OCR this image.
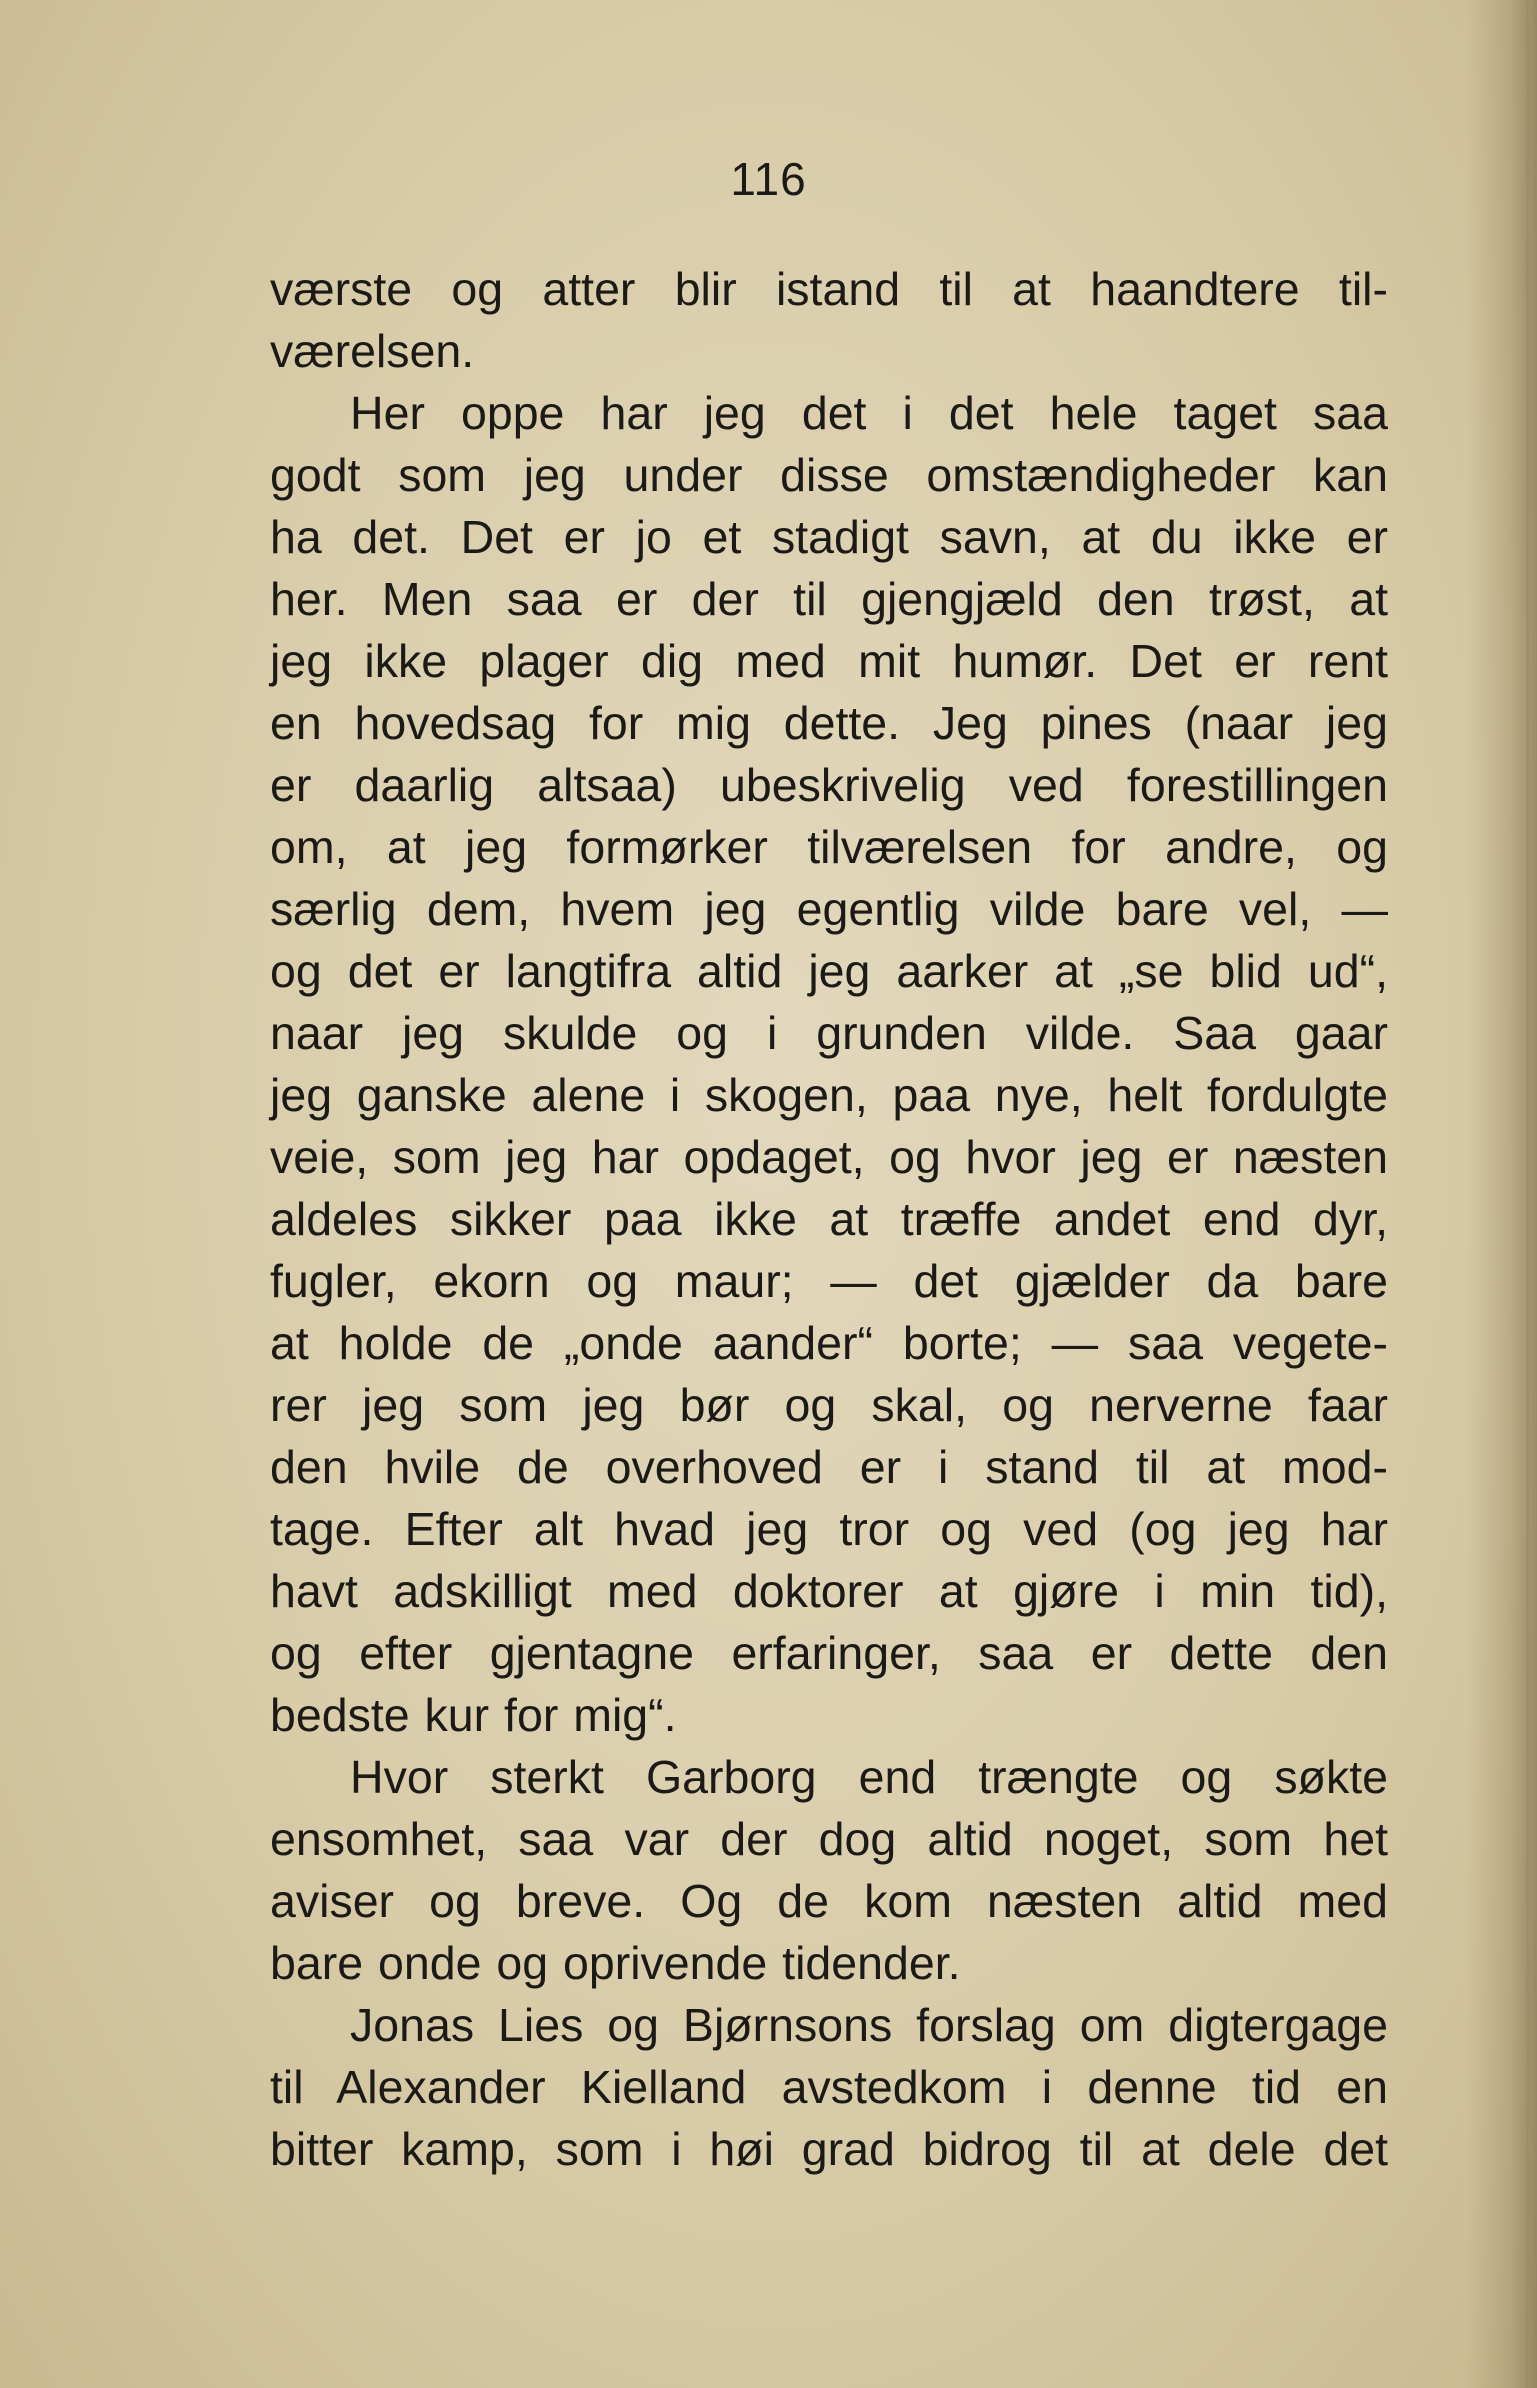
116
værste og atter blir istand til at haandtere til-
værelsen.
Her oppe har jeg det i det hele taget saa
godt som jeg under disse omstændigheder kan
ha det. Det er jo et stadigt savn, at du ikke er
her. Men saa er der til gjengjæld den trøst, at
jeg ikke plager dig med mit humør. Det er rent
en hovedsag for mig dette. Jeg pines (naar jeg
er daarlig altsaa) ubeskrivelig ved forestillingen
om, at jeg formørker tilværelsen for andre, og
særlig dem, hvem jeg egentlig vilde bare vel, —
og det er langtifra altid jeg aarker at „se blid ud“,
naar jeg skulde og i grunden vilde. Saa gaar
jeg ganske alene i skogen, paa nye, helt fordulgte
veie, som jeg har opdaget, og hvor jeg er næsten
aldeles sikker paa ikke at træffe andet end dyr,
fugler, ekorn og maur; — det gjælder da bare
at holde de „onde aander“ borte; — saa vegete-
rer jeg som jeg bør og skal, og nerverne faar
den hvile de overhoved er i stand til at mod-
tage. Efter alt hvad jeg tror og ved (og jeg har
havt adskilligt med doktorer at gjøre i min tid),
og efter gjentagne erfaringer, saa er dette den
bedste kur for mig“.
Hvor sterkt Garborg end trængte og søkte
ensomhet, saa var der dog altid noget, som het
aviser og breve. Og de kom næsten altid med
bare onde og oprivende tidender.
Jonas Lies og Bjørnsons forslag om digtergage
til Alexander Kielland avstedkom i denne tid en
bitter kamp, som i høi grad bidrog til at dele det
